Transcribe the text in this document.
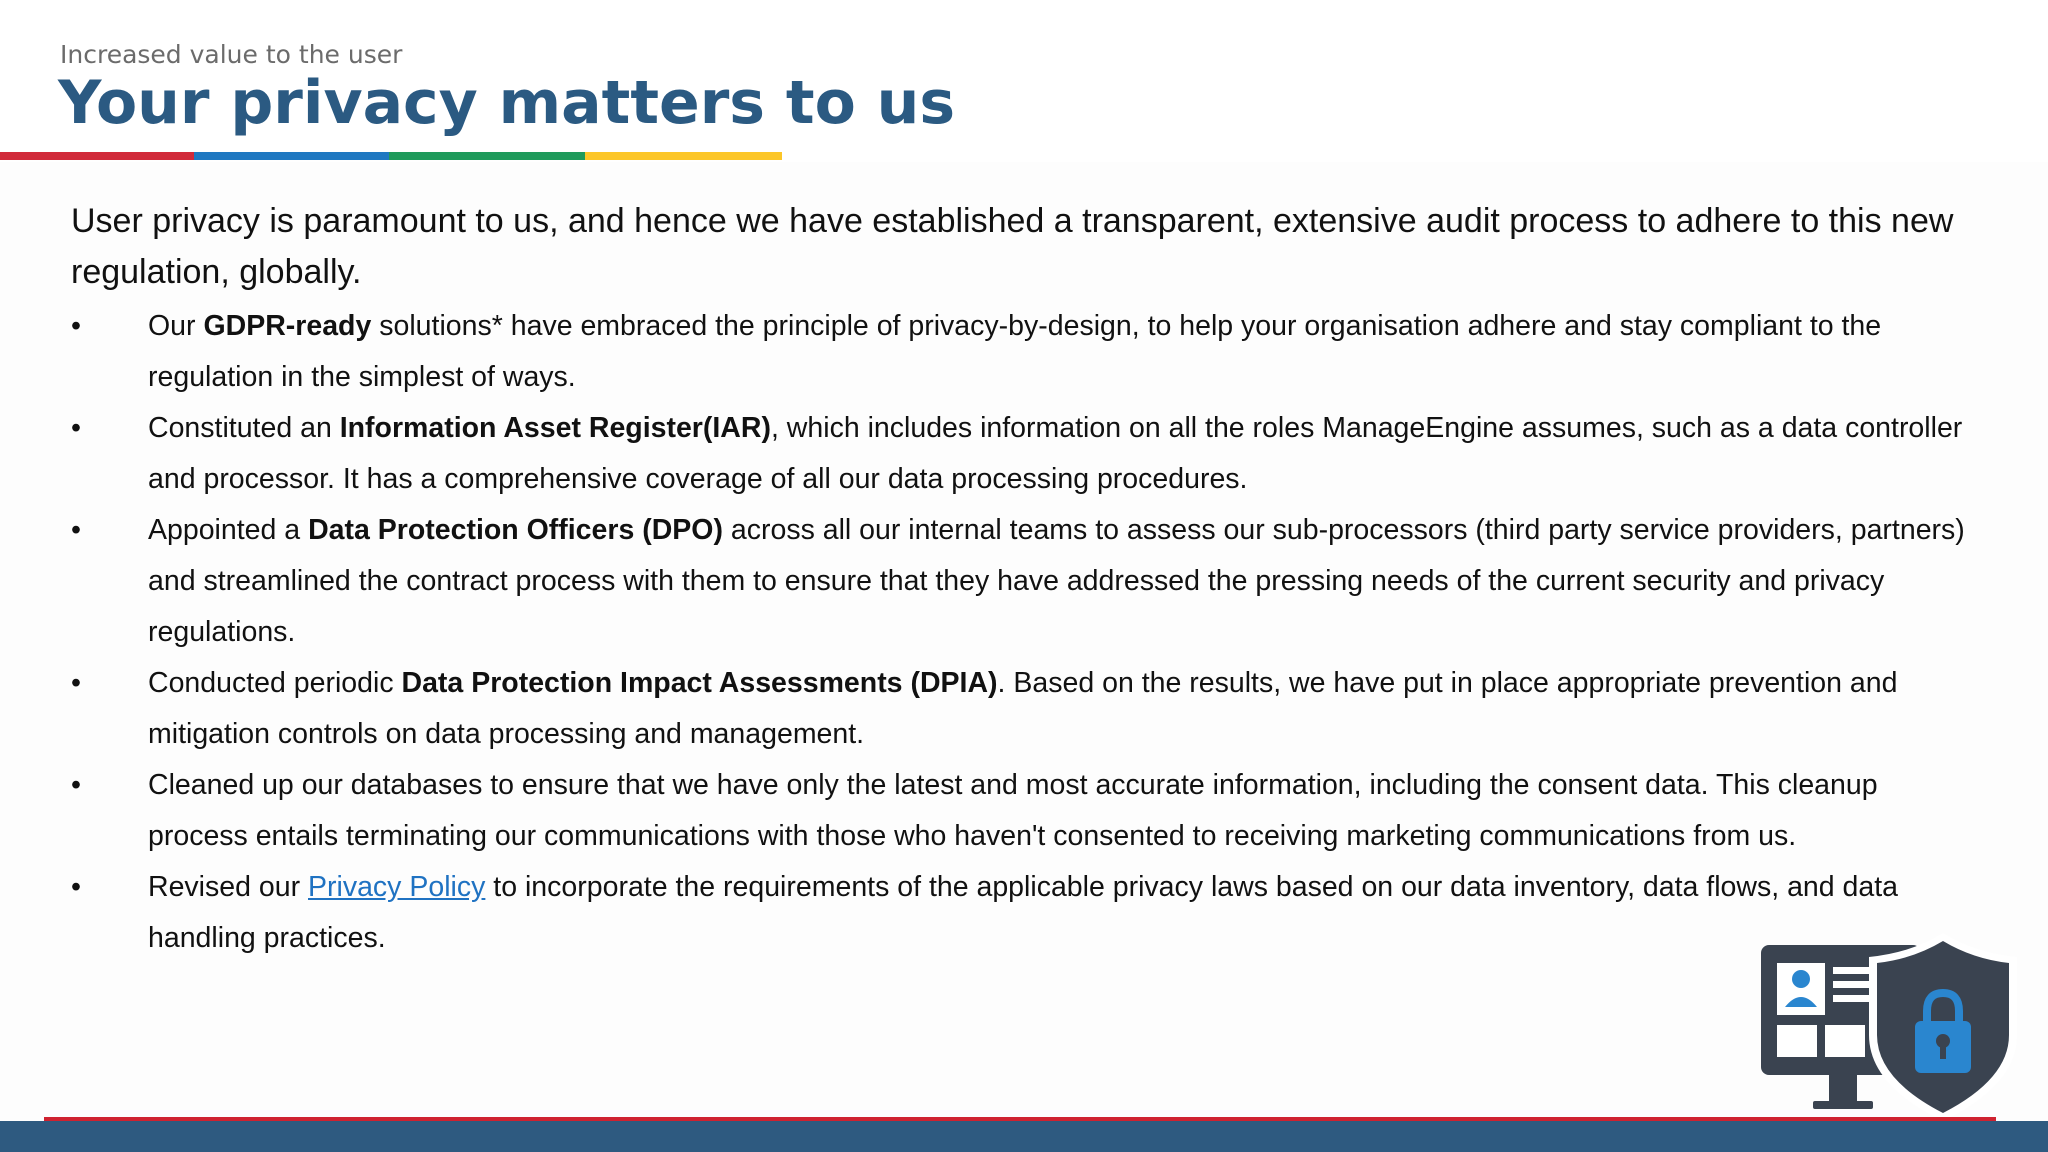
Increased value to the user
Your privacy matters to us

User privacy is paramount to us, and hence we have established a transparent, extensive audit process to adhere to this new regulation, globally.

•	Our GDPR-ready solutions* have embraced the principle of privacy-by-design, to help your organisation adhere and stay compliant to the regulation in the simplest of ways.
•	Constituted an Information Asset Register(IAR), which includes information on all the roles ManageEngine assumes, such as a data controller and processor. It has a comprehensive coverage of all our data processing procedures.
•	Appointed a Data Protection Officers (DPO) across all our internal teams to assess our sub-processors (third party service providers, partners) and streamlined the contract process with them to ensure that they have addressed the pressing needs of the current security and privacy regulations.
•	Conducted periodic Data Protection Impact Assessments (DPIA). Based on the results, we have put in place appropriate prevention and mitigation controls on data processing and management.
•	Cleaned up our databases to ensure that we have only the latest and most accurate information, including the consent data. This cleanup process entails terminating our communications with those who haven't consented to receiving marketing communications from us.
•	Revised our Privacy Policy to incorporate the requirements of the applicable privacy laws based on our data inventory, data flows, and data handling practices.
